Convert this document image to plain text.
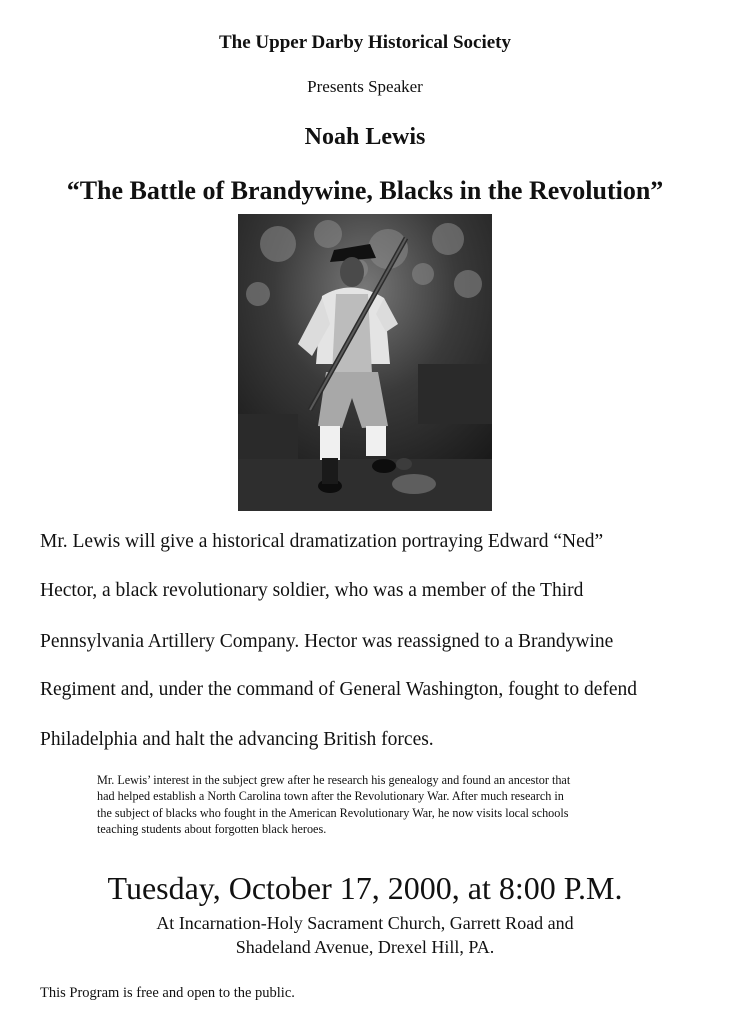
The Upper Darby Historical Society
Presents Speaker
Noah Lewis
“The Battle of Brandywine, Blacks in the Revolution”
Mr. Lewis will give a historical dramatization portraying Edward “Ned”
Hector, a black revolutionary soldier, who was a member of the Third
Pennsylvania Artillery Company. Hector was reassigned to a Brandywine
Regiment and, under the command of General Washington, fought to defend
Philadelphia and halt the advancing British forces.
Mr. Lewis’ interest in the subject grew after he research his genealogy and found an ancestor that
had helped establish a North Carolina town after the Revolutionary War. After much research in
the subject of blacks who fought in the American Revolutionary War, he now visits local schools
teaching students about forgotten black heroes.
Tuesday, October 17, 2000, at 8:00 P.M.
At Incarnation-Holy Sacrament Church, Garrett Road and
Shadeland Avenue, Drexel Hill, PA.
This Program is free and open to the public.
